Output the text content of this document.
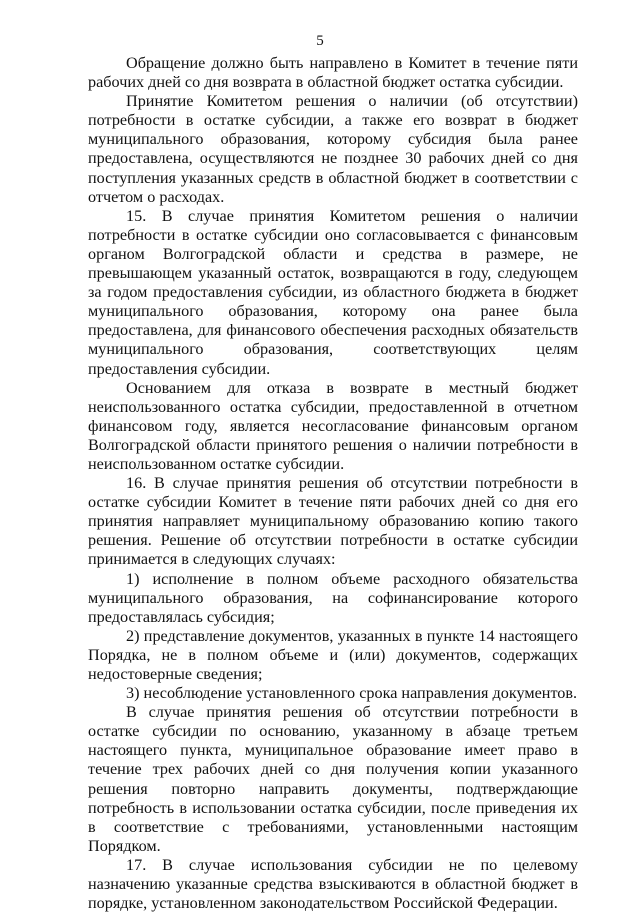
5

Обращение должно быть направлено в Комитет в течение пяти рабочих дней со дня возврата в областной бюджет остатка субсидии.

Принятие Комитетом решения о наличии (об отсутствии) потребности в остатке субсидии, а также его возврат в бюджет муниципального образования, которому субсидия была ранее предоставлена, осуществляются не позднее 30 рабочих дней со дня поступления указанных средств в областной бюджет в соответствии с отчетом о расходах.

15. В случае принятия Комитетом решения о наличии потребности в остатке субсидии оно согласовывается с финансовым органом Волгоградской области и средства в размере, не превышающем указанный остаток, возвращаются в году, следующем за годом предоставления субсидии, из областного бюджета в бюджет муниципального образования, которому она ранее была предоставлена, для финансового обеспечения расходных обязательств муниципального образования, соответствующих целям предоставления субсидии.

Основанием для отказа в возврате в местный бюджет неиспользованного остатка субсидии, предоставленной в отчетном финансовом году, является несогласование финансовым органом Волгоградской области принятого решения о наличии потребности в неиспользованном остатке субсидии.

16. В случае принятия решения об отсутствии потребности в остатке субсидии Комитет в течение пяти рабочих дней со дня его принятия направляет муниципальному образованию копию такого решения. Решение об отсутствии потребности в остатке субсидии принимается в следующих случаях:

1) исполнение в полном объеме расходного обязательства муниципального образования, на софинансирование которого предоставлялась субсидия;

2) представление документов, указанных в пункте 14 настоящего Порядка, не в полном объеме и (или) документов, содержащих недостоверные сведения;

3) несоблюдение установленного срока направления документов.

В случае принятия решения об отсутствии потребности в остатке субсидии по основанию, указанному в абзаце третьем настоящего пункта, муниципальное образование имеет право в течение трех рабочих дней со дня получения копии указанного решения повторно направить документы, подтверждающие потребность в использовании остатка субсидии, после приведения их в соответствие с требованиями, установленными настоящим Порядком.

17. В случае использования субсидии не по целевому назначению указанные средства взыскиваются в областной бюджет в порядке, установленном законодательством Российской Федерации.
